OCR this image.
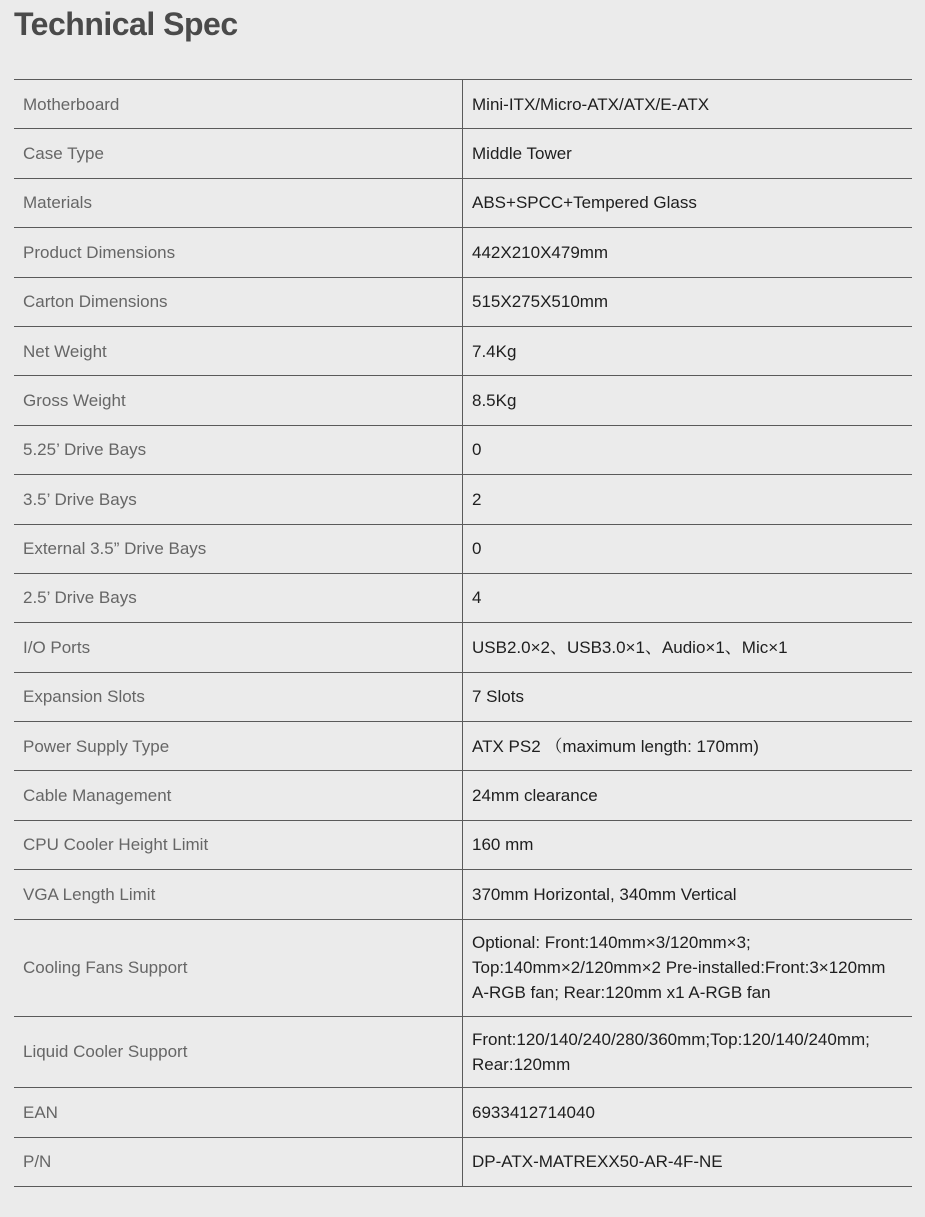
Technical Spec
Motherboard	Mini-ITX/Micro-ATX/ATX/E-ATX
Case Type	Middle Tower
Materials	ABS+SPCC+Tempered Glass
Product Dimensions	442X210X479mm
Carton Dimensions	515X275X510mm
Net Weight	7.4Kg
Gross Weight	8.5Kg
5.25’ Drive Bays	0
3.5’ Drive Bays	2
External 3.5” Drive Bays	0
2.5’ Drive Bays	4
I/O Ports	USB2.0×2、USB3.0×1、Audio×1、Mic×1
Expansion Slots	7 Slots
Power Supply Type	ATX PS2 （maximum length: 170mm)
Cable Management	24mm clearance
CPU Cooler Height Limit	160 mm
VGA Length Limit	370mm Horizontal, 340mm Vertical
Cooling Fans Support	Optional: Front:140mm×3/120mm×3; Top:140mm×2/120mm×2 Pre-installed:Front:3×120mm A-RGB fan; Rear:120mm x1 A-RGB fan
Liquid Cooler Support	Front:120/140/240/280/360mm;Top:120/140/240mm; Rear:120mm
EAN	6933412714040
P/N	DP-ATX-MATREXX50-AR-4F-NE
